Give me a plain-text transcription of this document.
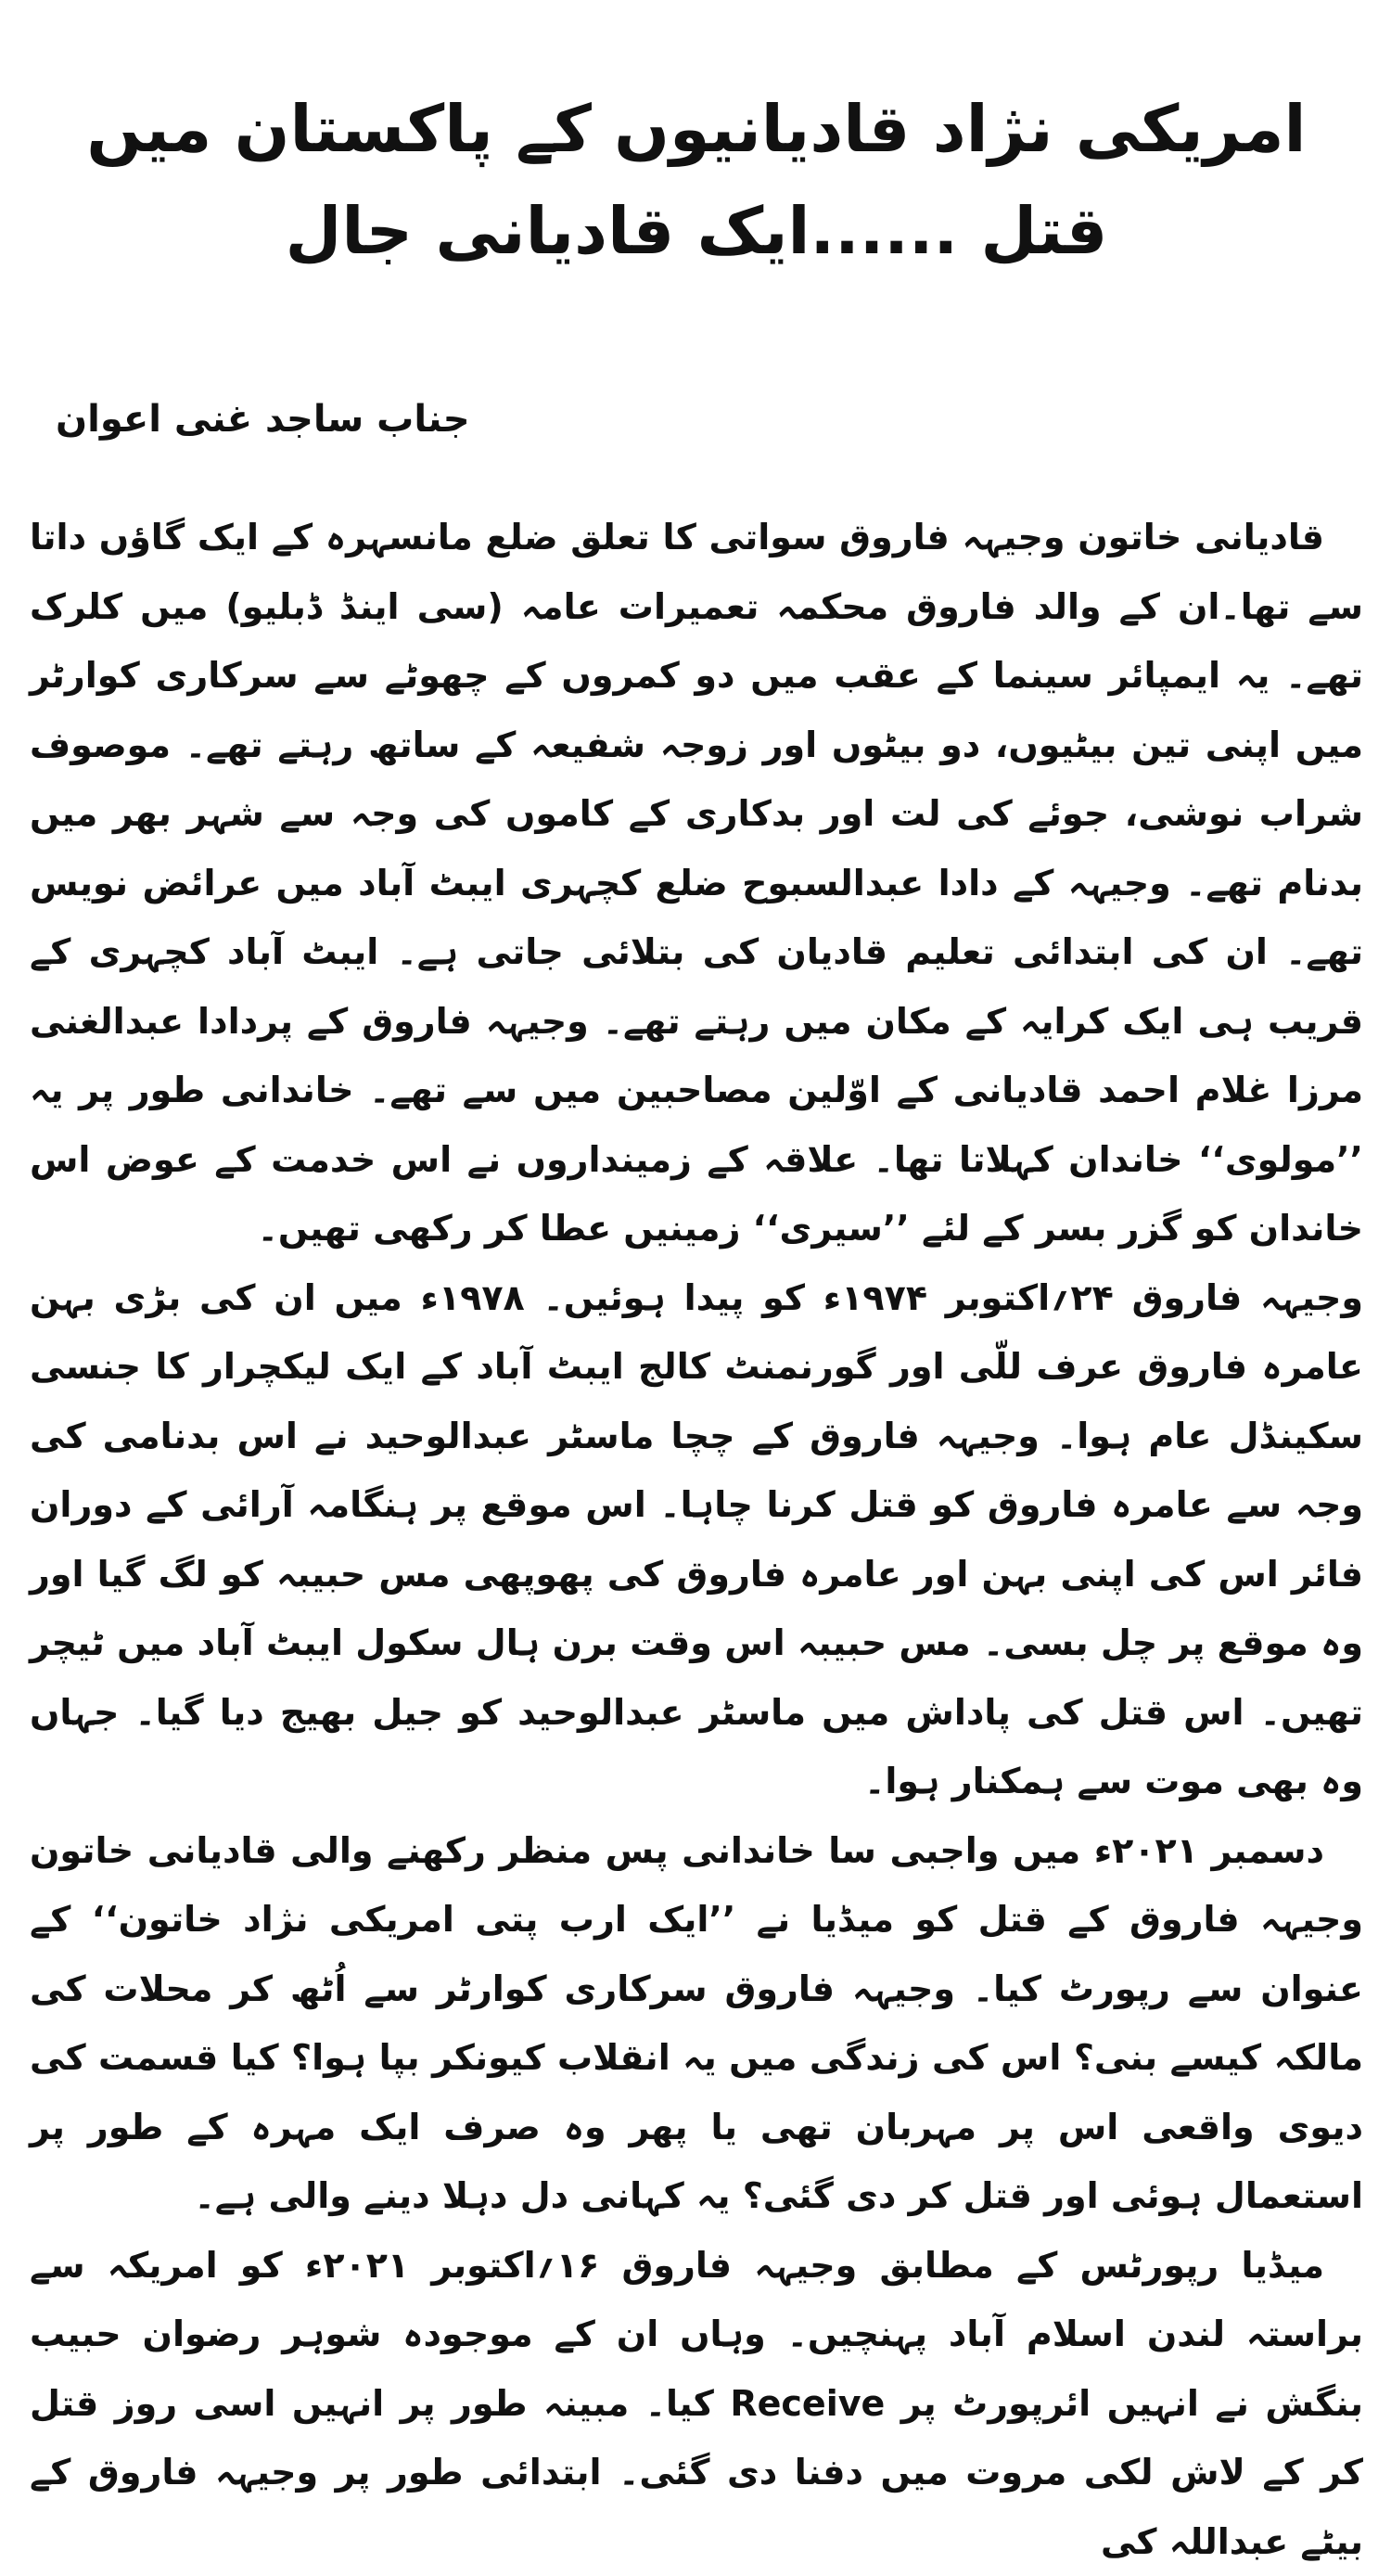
امریکی نژاد قادیانیوں کے پاکستان میں قتل ......ایک قادیانی جال
جناب ساجد غنی اعوان

قادیانی خاتون وجیہہ فاروق سواتی کا تعلق ضلع مانسہرہ کے ایک گاؤں داتا سے تھا۔ان کے والد فاروق محکمہ تعمیرات عامہ (سی اینڈ ڈبلیو) میں کلرک تھے۔ یہ ایمپائر سینما کے عقب میں دو کمروں کے چھوٹے سے سرکاری کوارٹر میں اپنی تین بیٹیوں، دو بیٹوں اور زوجہ شفیعہ کے ساتھ رہتے تھے۔ موصوف شراب نوشی، جوئے کی لت اور بدکاری کے کاموں کی وجہ سے شہر بھر میں بدنام تھے۔ وجیہہ کے دادا عبدالسبوح ضلع کچہری ایبٹ آباد میں عرائض نویس تھے۔ ان کی ابتدائی تعلیم قادیان کی بتلائی جاتی ہے۔ ایبٹ آباد کچہری کے قریب ہی ایک کرایہ کے مکان میں رہتے تھے۔ وجیہہ فاروق کے پردادا عبدالغنی مرزا غلام احمد قادیانی کے اوّلین مصاحبین میں سے تھے۔ خاندانی طور پر یہ ’’مولوی‘‘ خاندان کہلاتا تھا۔ علاقہ کے زمینداروں نے اس خدمت کے عوض اس خاندان کو گزر بسر کے لئے ’’سیری‘‘ زمینیں عطا کر رکھی تھیں۔

وجیہہ فاروق ۲۴؍اکتوبر ۱۹۷۴ء کو پیدا ہوئیں۔ ۱۹۷۸ء میں ان کی بڑی بہن عامرہ فاروق عرف للّی اور گورنمنٹ کالج ایبٹ آباد کے ایک لیکچرار کا جنسی سکینڈل عام ہوا۔ وجیہہ فاروق کے چچا ماسٹر عبدالوحید نے اس بدنامی کی وجہ سے عامرہ فاروق کو قتل کرنا چاہا۔ اس موقع پر ہنگامہ آرائی کے دوران فائر اس کی اپنی بہن اور عامرہ فاروق کی پھوپھی مس حبیبہ کو لگ گیا اور وہ موقع پر چل بسی۔ مس حبیبہ اس وقت برن ہال سکول ایبٹ آباد میں ٹیچر تھیں۔ اس قتل کی پاداش میں ماسٹر عبدالوحید کو جیل بھیج دیا گیا۔ جہاں وہ بھی موت سے ہمکنار ہوا۔

دسمبر ۲۰۲۱ء میں واجبی سا خاندانی پس منظر رکھنے والی قادیانی خاتون وجیہہ فاروق کے قتل کو میڈیا نے ’’ایک ارب پتی امریکی نژاد خاتون‘‘ کے عنوان سے رپورٹ کیا۔ وجیہہ فاروق سرکاری کوارٹر سے اُٹھ کر محلات کی مالکہ کیسے بنی؟ اس کی زندگی میں یہ انقلاب کیونکر بپا ہوا؟ کیا قسمت کی دیوی واقعی اس پر مہربان تھی یا پھر وہ صرف ایک مہرہ کے طور پر استعمال ہوئی اور قتل کر دی گئی؟ یہ کہانی دل دہلا دینے والی ہے۔

میڈیا رپورٹس کے مطابق وجیہہ فاروق ۱۶؍اکتوبر ۲۰۲۱ء کو امریکہ سے براستہ لندن اسلام آباد پہنچیں۔ وہاں ان کے موجودہ شوہر رضوان حبیب بنگش نے انہیں ائرپورٹ پر Receive کیا۔ مبینہ طور پر انہیں اسی روز قتل کر کے لاش لکی مروت میں دفنا دی گئی۔ ابتدائی طور پر وجیہہ فاروق کے بیٹے عبداللہ کی
